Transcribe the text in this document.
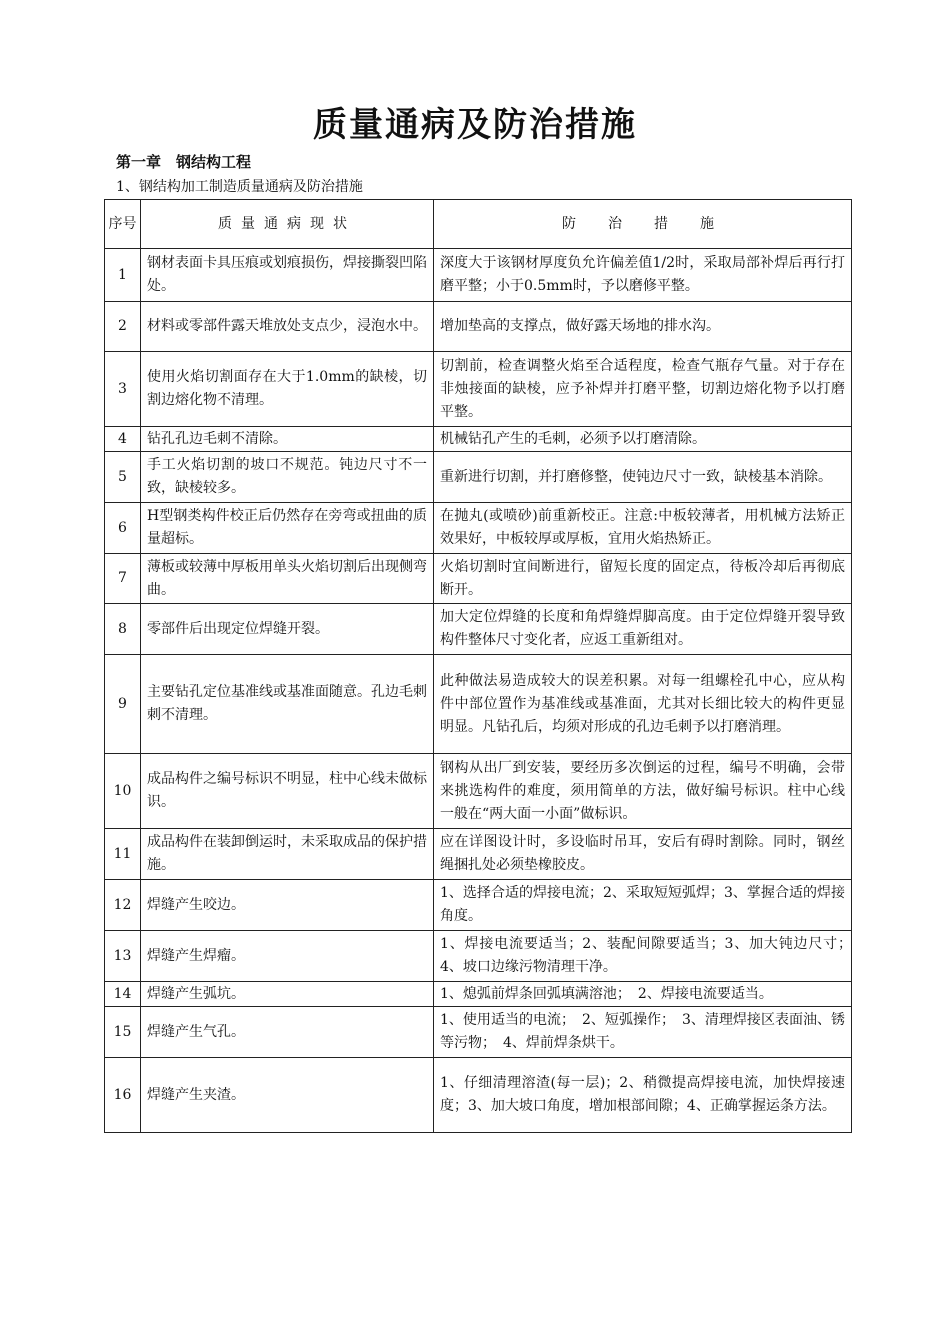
质量通病及防治措施
第一章　钢结构工程
1、钢结构加工制造质量通病及防治措施
序号	质量通病现状	防　治　措　施
1	钢材表面卡具压痕或划痕损伤，焊接撕裂凹陷处。	深度大于该钢材厚度负允许偏差值1/2时，采取局部补焊后再行打磨平整；小于0.5mm时，予以磨修平整。
2	材料或零部件露天堆放处支点少，浸泡水中。	增加垫高的支撑点，做好露天场地的排水沟。
3	使用火焰切割面存在大于1.0mm的缺棱，切割边熔化物不清理。	切割前，检查调整火焰至合适程度，检查气瓶存气量。对于存在非烛接面的缺棱，应予补焊并打磨平整，切割边熔化物予以打磨平整。
4	钻孔孔边毛刺不清除。	机械钻孔产生的毛刺，必须予以打磨清除。
5	手工火焰切割的坡口不规范。钝边尺寸不一致，缺棱较多。	重新进行切割，并打磨修整，使钝边尺寸一致，缺棱基本消除。
6	H型钢类构件校正后仍然存在旁弯或扭曲的质量超标。	在抛丸(或喷砂)前重新校正。注意:中板较薄者，用机械方法矫正效果好，中板较厚或厚板，宜用火焰热矫正。
7	薄板或较薄中厚板用单头火焰切割后出现侧弯曲。	火焰切割时宜间断进行，留短长度的固定点，待板冷却后再彻底断开。
8	零部件后出现定位焊缝开裂。	加大定位焊缝的长度和角焊缝焊脚高度。由于定位焊缝开裂导致构件整体尺寸变化者，应返工重新组对。
9	主要钻孔定位基准线或基准面随意。孔边毛刺刺不清理。	此种做法易造成较大的误差积累。对每一组螺栓孔中心，应从构件中部位置作为基准线或基准面，尤其对长细比较大的构件更显明显。凡钻孔后，均须对形成的孔边毛刺予以打磨消理。
10	成品构件之编号标识不明显，柱中心线未做标识。	钢构从出厂到安装，要经历多次倒运的过程，编号不明确，会带来挑选构件的难度，须用简单的方法，做好编号标识。柱中心线一般在“两大面一小面”做标识。
11	成品构件在装卸倒运时，未采取成品的保护措施。	应在详图设计时，多设临时吊耳，安后有碍时割除。同时，钢丝绳捆扎处必须垫橡胶皮。
12	焊缝产生咬边。	1、选择合适的焊接电流；2、采取短短弧焊；3、掌握合适的焊接角度。
13	焊缝产生焊瘤。	1、焊接电流要适当；2、装配间隙要适当；3、加大钝边尺寸；　4、坡口边缘污物清理干净。
14	焊缝产生弧坑。	1、熄弧前焊条回弧填满溶池；　2、焊接电流要适当。
15	焊缝产生气孔。	1、使用适当的电流；　2、短弧操作；　3、清理焊接区表面油、锈等污物；　4、焊前焊条烘干。
16	焊缝产生夹渣。	1、仔细清理溶渣(每一层)；2、稍微提高焊接电流，加快焊接速度；3、加大坡口角度，增加根部间隙；4、正确掌握运条方法。
